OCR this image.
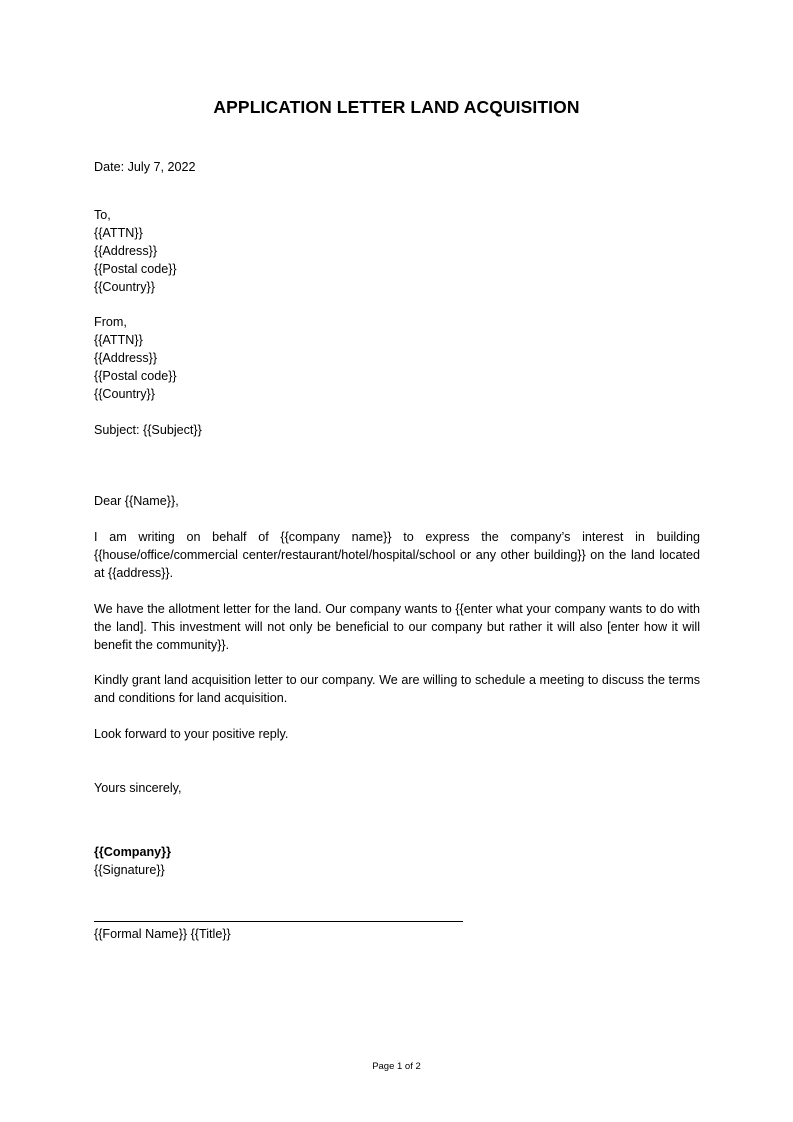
APPLICATION LETTER LAND ACQUISITION
Date: July 7, 2022
To,
{{ATTN}}
{{Address}}
{{Postal code}}
{{Country}}
From,
{{ATTN}}
{{Address}}
{{Postal code}}
{{Country}}
Subject: {{Subject}}
Dear {{Name}},
I am writing on behalf of {{company name}} to express the company’s interest in building {{house/office/commercial center/restaurant/hotel/hospital/school or any other building}} on the land located at {{address}}.
We have the allotment letter for the land. Our company wants to {{enter what your company wants to do with the land]. This investment will not only be beneficial to our company but rather it will also [enter how it will benefit the community}}.
Kindly grant land acquisition letter to our company. We are willing to schedule a meeting to discuss the terms and conditions for land acquisition.
Look forward to your positive reply.
Yours sincerely,
{{Company}}
{{Signature}}
{{Formal Name}} {{Title}}
Page 1 of 2
